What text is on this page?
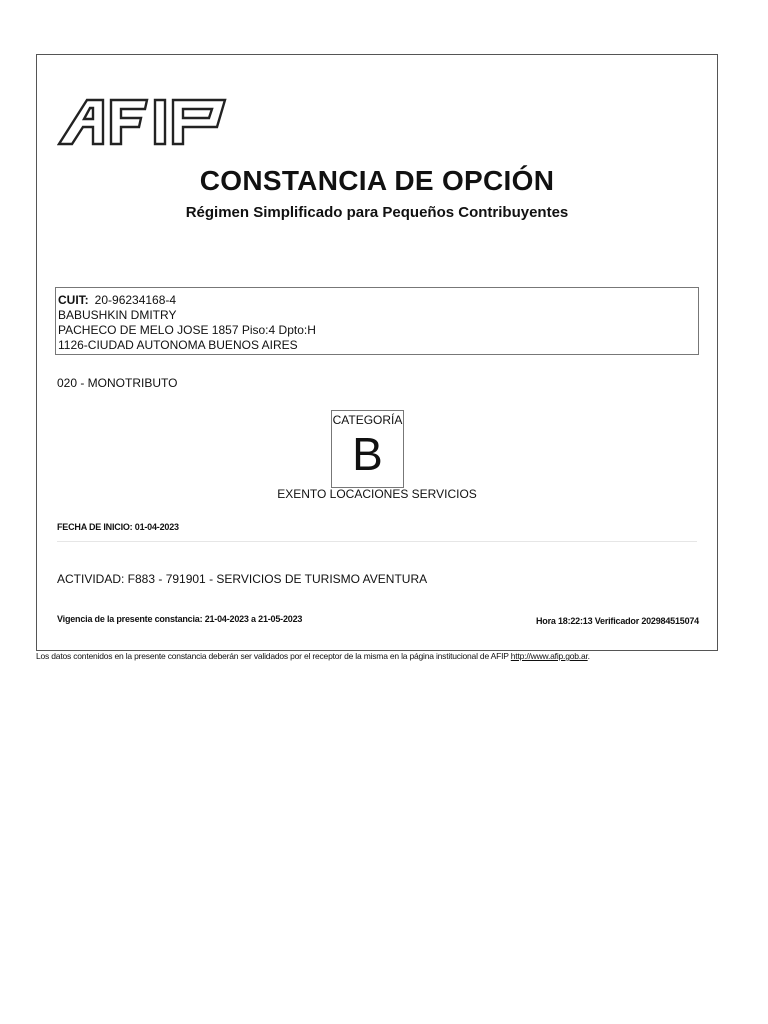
CONSTANCIA DE OPCIÓN
Régimen Simplificado para Pequeños Contribuyentes
CUIT: 20-96234168-4
BABUSHKIN DMITRY
PACHECO DE MELO JOSE 1857 Piso:4 Dpto:H
1126-CIUDAD AUTONOMA BUENOS AIRES
020 - MONOTRIBUTO
CATEGORÍA
B
EXENTO LOCACIONES SERVICIOS
FECHA DE INICIO: 01-04-2023
ACTIVIDAD: F883 - 791901 - SERVICIOS DE TURISMO AVENTURA
Vigencia de la presente constancia: 21-04-2023 a 21-05-2023	Hora 18:22:13 Verificador 202984515074
Los datos contenidos en la presente constancia deberán ser validados por el receptor de la misma en la página institucional de AFIP http://www.afip.gob.ar.
